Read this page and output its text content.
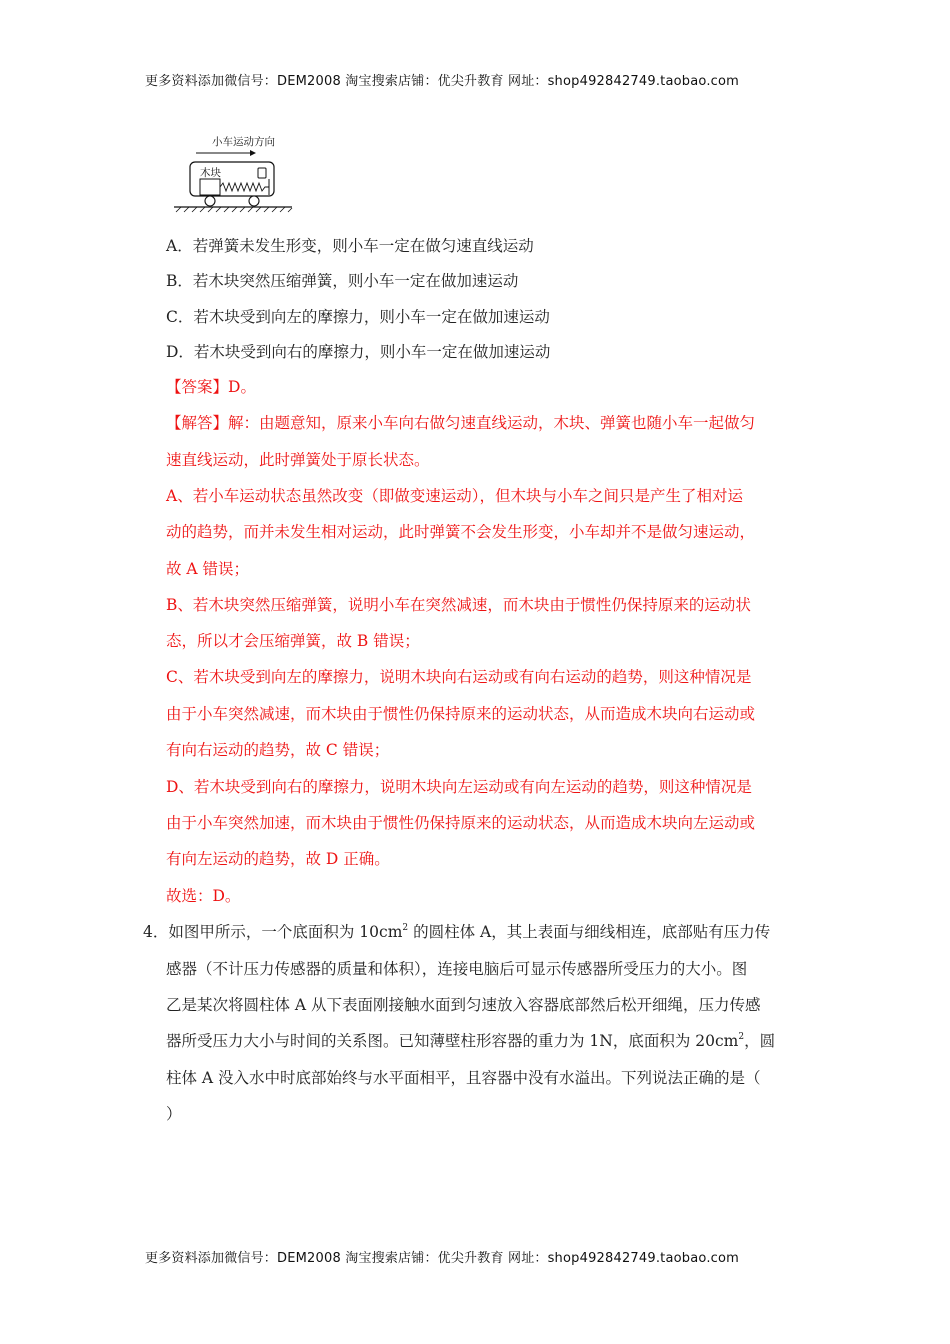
更多资料添加微信号：DEM2008 淘宝搜索店铺：优尖升教育 网址：shop492842749.taobao.com
小车运动方向
木块
A．若弹簧未发生形变，则小车一定在做匀速直线运动
B．若木块突然压缩弹簧，则小车一定在做加速运动
C．若木块受到向左的摩擦力，则小车一定在做加速运动
D．若木块受到向右的摩擦力，则小车一定在做加速运动
【答案】D。
【解答】解：由题意知，原来小车向右做匀速直线运动，木块、弹簧也随小车一起做匀
速直线运动，此时弹簧处于原长状态。
A、若小车运动状态虽然改变（即做变速运动），但木块与小车之间只是产生了相对运
动的趋势，而并未发生相对运动，此时弹簧不会发生形变，小车却并不是做匀速运动，
故 A 错误；
B、若木块突然压缩弹簧，说明小车在突然减速，而木块由于惯性仍保持原来的运动状
态，所以才会压缩弹簧，故 B 错误；
C、若木块受到向左的摩擦力，说明木块向右运动或有向右运动的趋势，则这种情况是
由于小车突然减速，而木块由于惯性仍保持原来的运动状态，从而造成木块向右运动或
有向右运动的趋势，故 C 错误；
D、若木块受到向右的摩擦力，说明木块向左运动或有向左运动的趋势，则这种情况是
由于小车突然加速，而木块由于惯性仍保持原来的运动状态，从而造成木块向左运动或
有向左运动的趋势，故 D 正确。
故选：D。
4．如图甲所示，一个底面积为 $10cm^2$ 的圆柱体 A，其上表面与细线相连，底部贴有压力传
感器（不计压力传感器的质量和体积），连接电脑后可显示传感器所受压力的大小。图
乙是某次将圆柱体 A 从下表面刚接触水面到匀速放入容器底部然后松开细绳，压力传感
器所受压力大小与时间的关系图。已知薄壁柱形容器的重力为 1N，底面积为 $20cm^2$，圆
柱体 A 没入水中时底部始终与水平面相平，且容器中没有水溢出。下列说法正确的是（
）
更多资料添加微信号：DEM2008 淘宝搜索店铺：优尖升教育 网址：shop492842749.taobao.com
